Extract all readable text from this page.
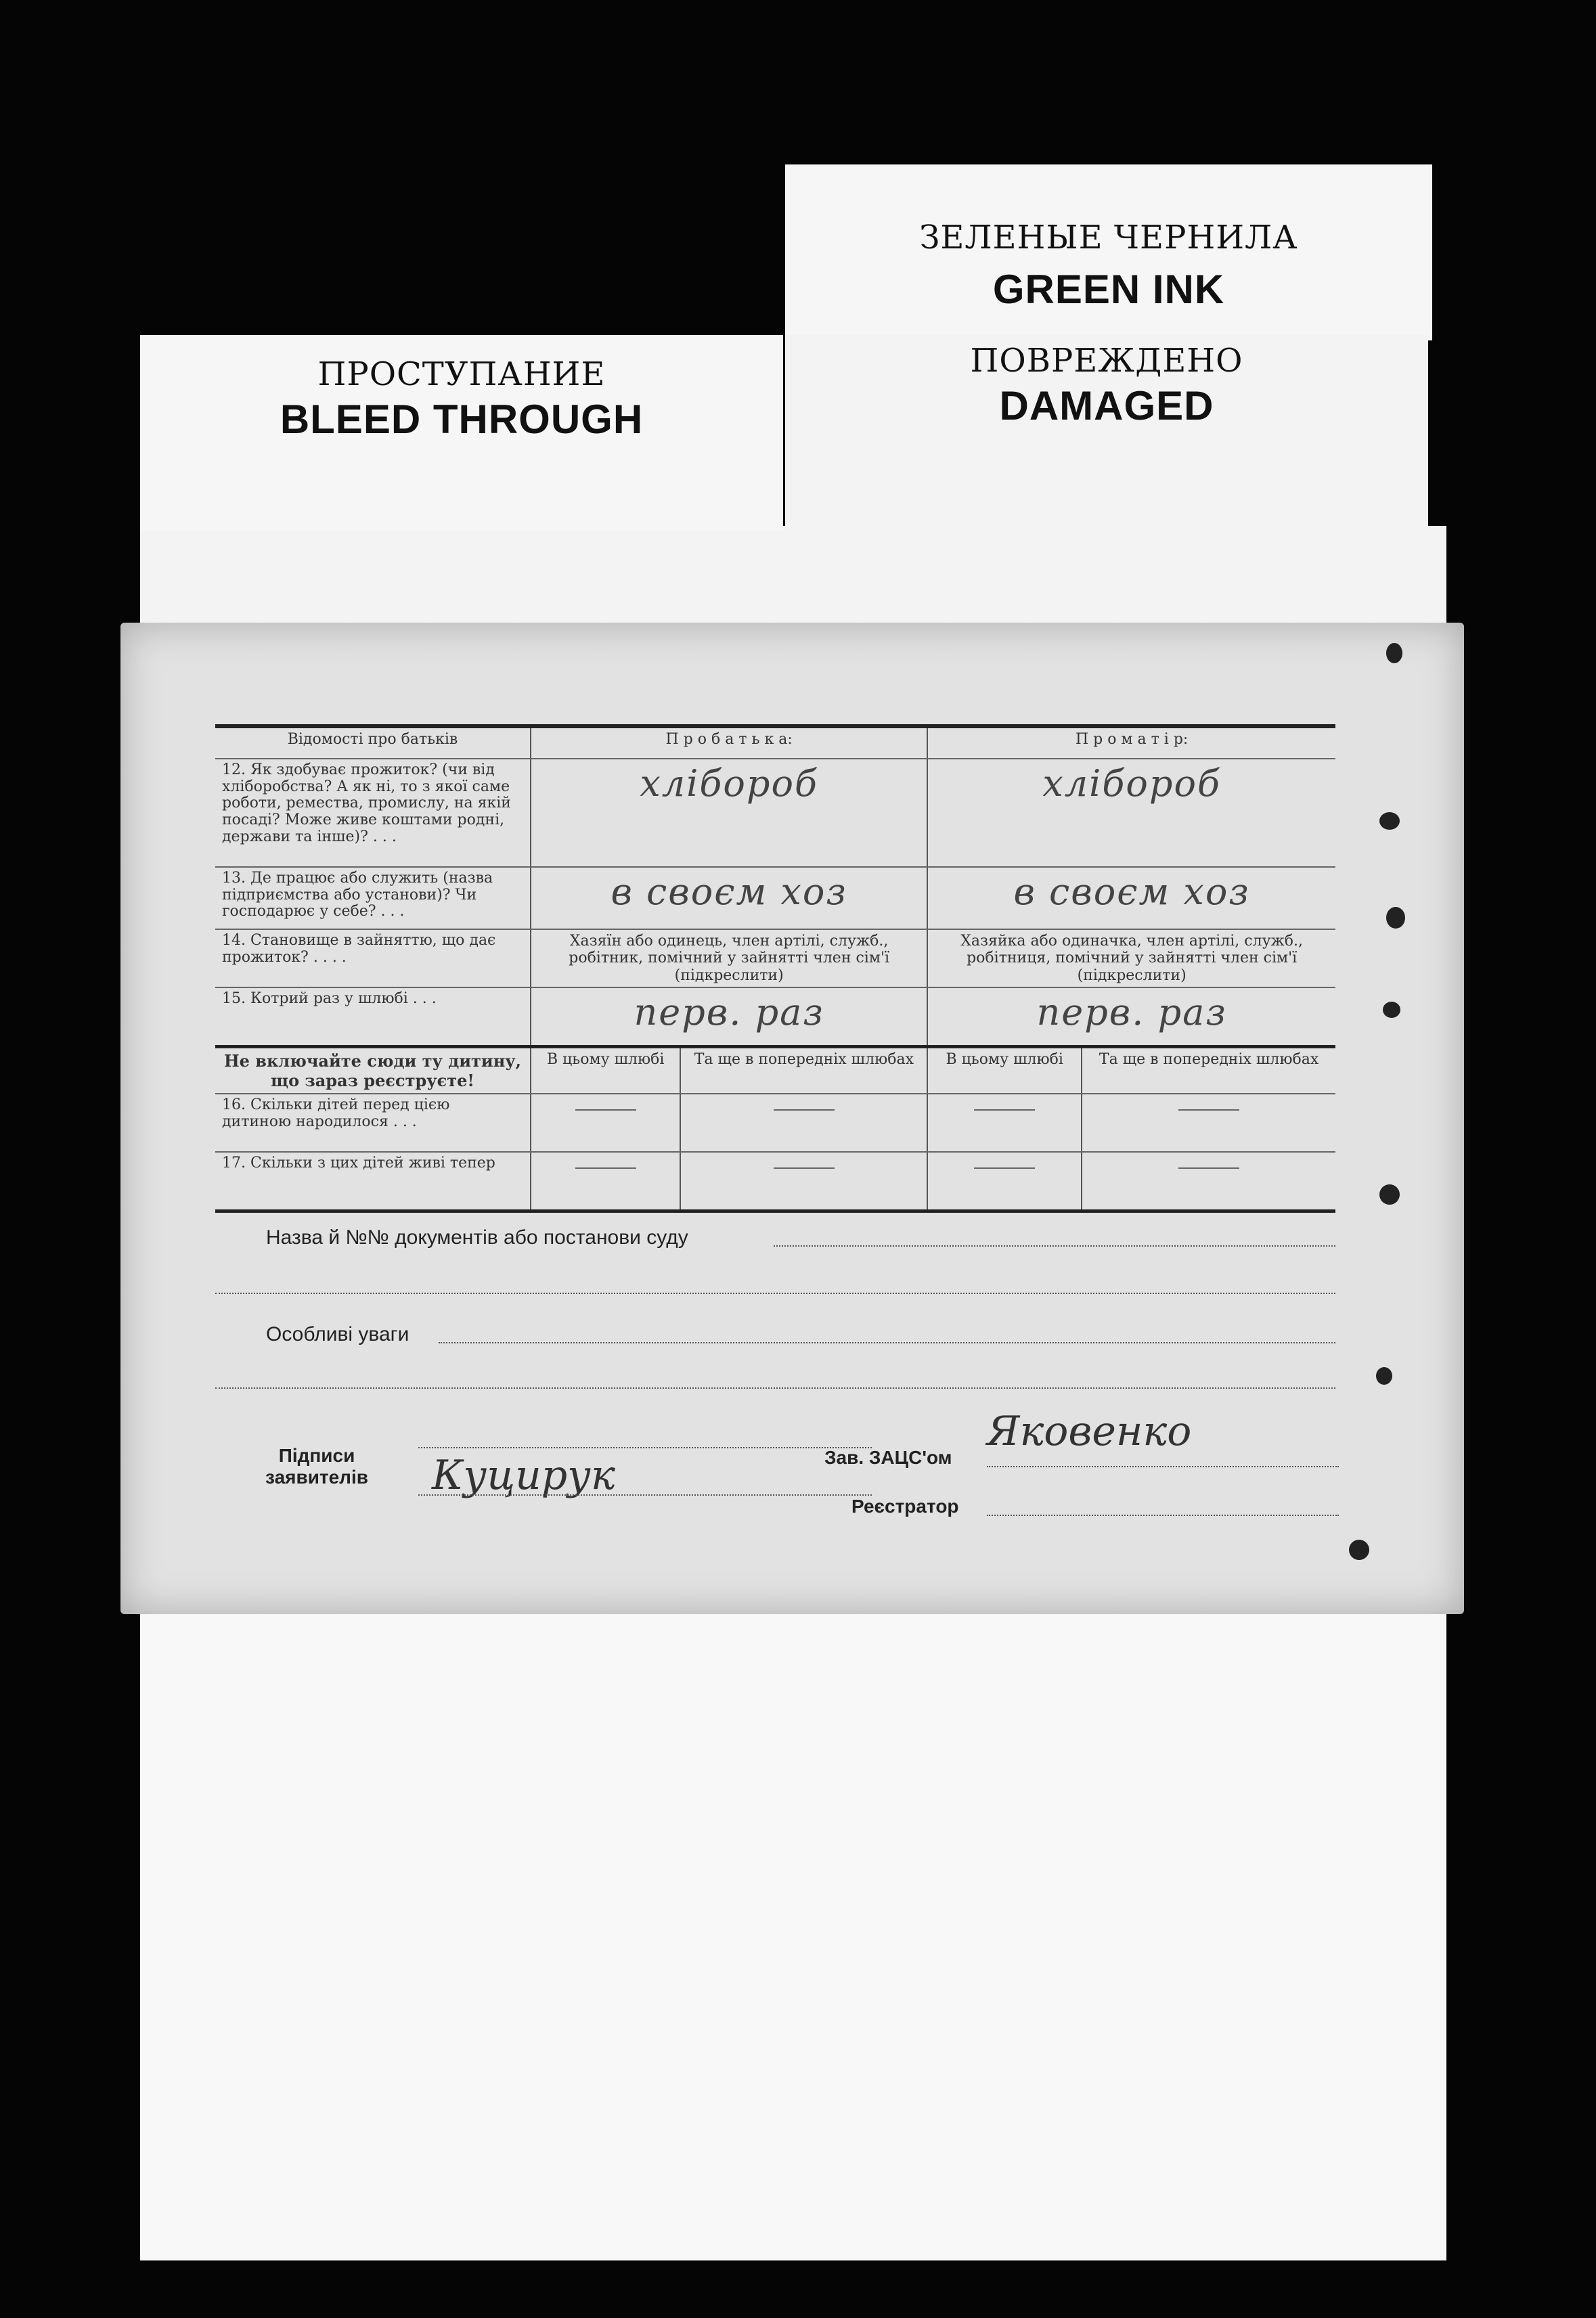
ЗЕЛЕНЫЕ ЧЕРНИЛА
GREEN INK
ПРОСТУПАНИЕ
BLEED THROUGH
ПОВРЕЖДЕНО
DAMAGED
Відомості про батьків	П р о б а т ь к а:		П р о м а т і р:	
12. Як здобуває прожиток? (чи від хліборобства? А як ні, то з якої саме роботи, ремества, промислу, на якій посаді? Може живе коштами родні, держави та інше)? . . .	хлібороб		хлібороб	
13. Де працює або служить (назва підприємства або установи)? Чи господарює у себе? . . .	в своєм хоз		в своєм хоз	
14. Становище в зайняттю, що дає прожиток? . . . .	Хазяїн або одинець, член артілі, служб., робітник, помічний у зайнятті член сім'ї (підкреслити)		Хазяйка або одиначка, член артілі, служб., робітниця, помічний у зайнятті член сім'ї (підкреслити)	
15. Котрий раз у шлюбі . . .	перв. раз		перв. раз	
Не включайте сюди ту дитину, що зараз реєструєте!	В цьому шлюбі	Та ще в попередніх шлюбах	В цьому шлюбі	Та ще в попередніх шлюбах
16. Скільки дітей перед цією дитиною народилося . . .	

17. Скільки з цих дітей живі тепер	

Назва й №№ документів або постанови суду
Особливі уваги
Підписи
заявителів	Куцирук	Зав. ЗАЦС'ом
Яковенко
Реєстратор
